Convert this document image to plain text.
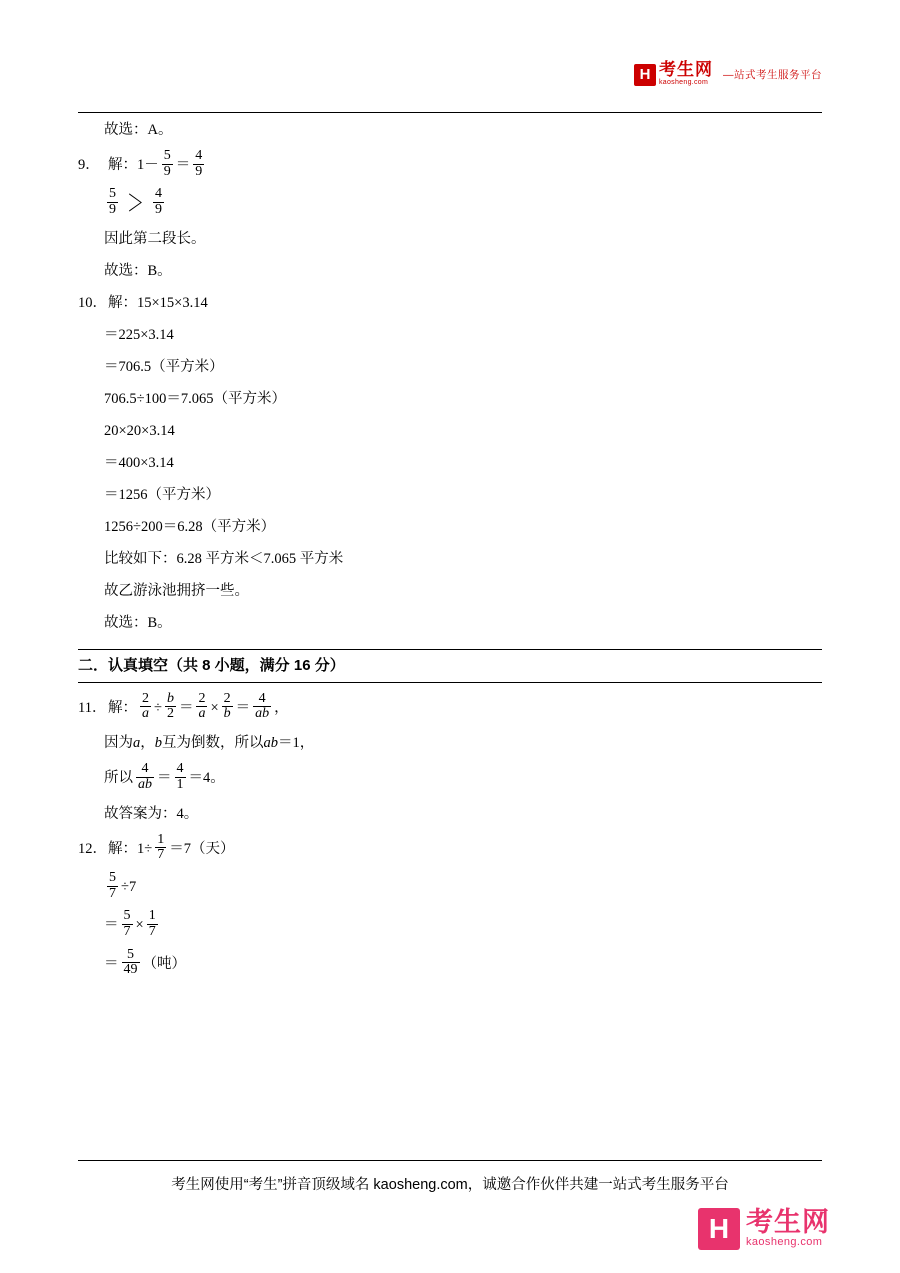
H 考生网
kaosheng.com
—站式考生服务平台
故选：A。
9． 解：$1- \frac{5}{9} = \frac{4}{9}$
$\frac{5}{9} > \frac{4}{9}$
因此第二段长。
故选：B。
10． 解：15×15×3.14
＝225×3.14
＝706.5（平方米）
706.5÷100＝7.065（平方米）
20×20×3.14
＝400×3.14
＝1256（平方米）
1256÷200＝6.28（平方米）
比较如下：6.28 平方米＜7.065 平方米
故乙游泳池拥挤一些。
故选：B。
二．认真填空（共 8 小题，满分 16 分）
11． 解： $\frac{2}{a} \div \frac{b}{2} = \frac{2}{a} \times \frac{2}{b} = \frac{4}{ab}$ ，
因为 a ， b 互为倒数，所以 ab ＝1，
所以 $\frac{4}{ab} = \frac{4}{1} =4$。
故答案为：4。
12． 解：$1\div \frac{1}{7} =7$（天）
$\frac{5}{7} \div 7$
＝ $\frac{5}{7} \times \frac{1}{7}$
＝ $\frac{5}{49}$ （吨）
考生网使用“考生”拼音顶级域名 kaosheng.com，诚邀合作伙伴共建一站式考生服务平台
H 考生网
kaosheng.com
